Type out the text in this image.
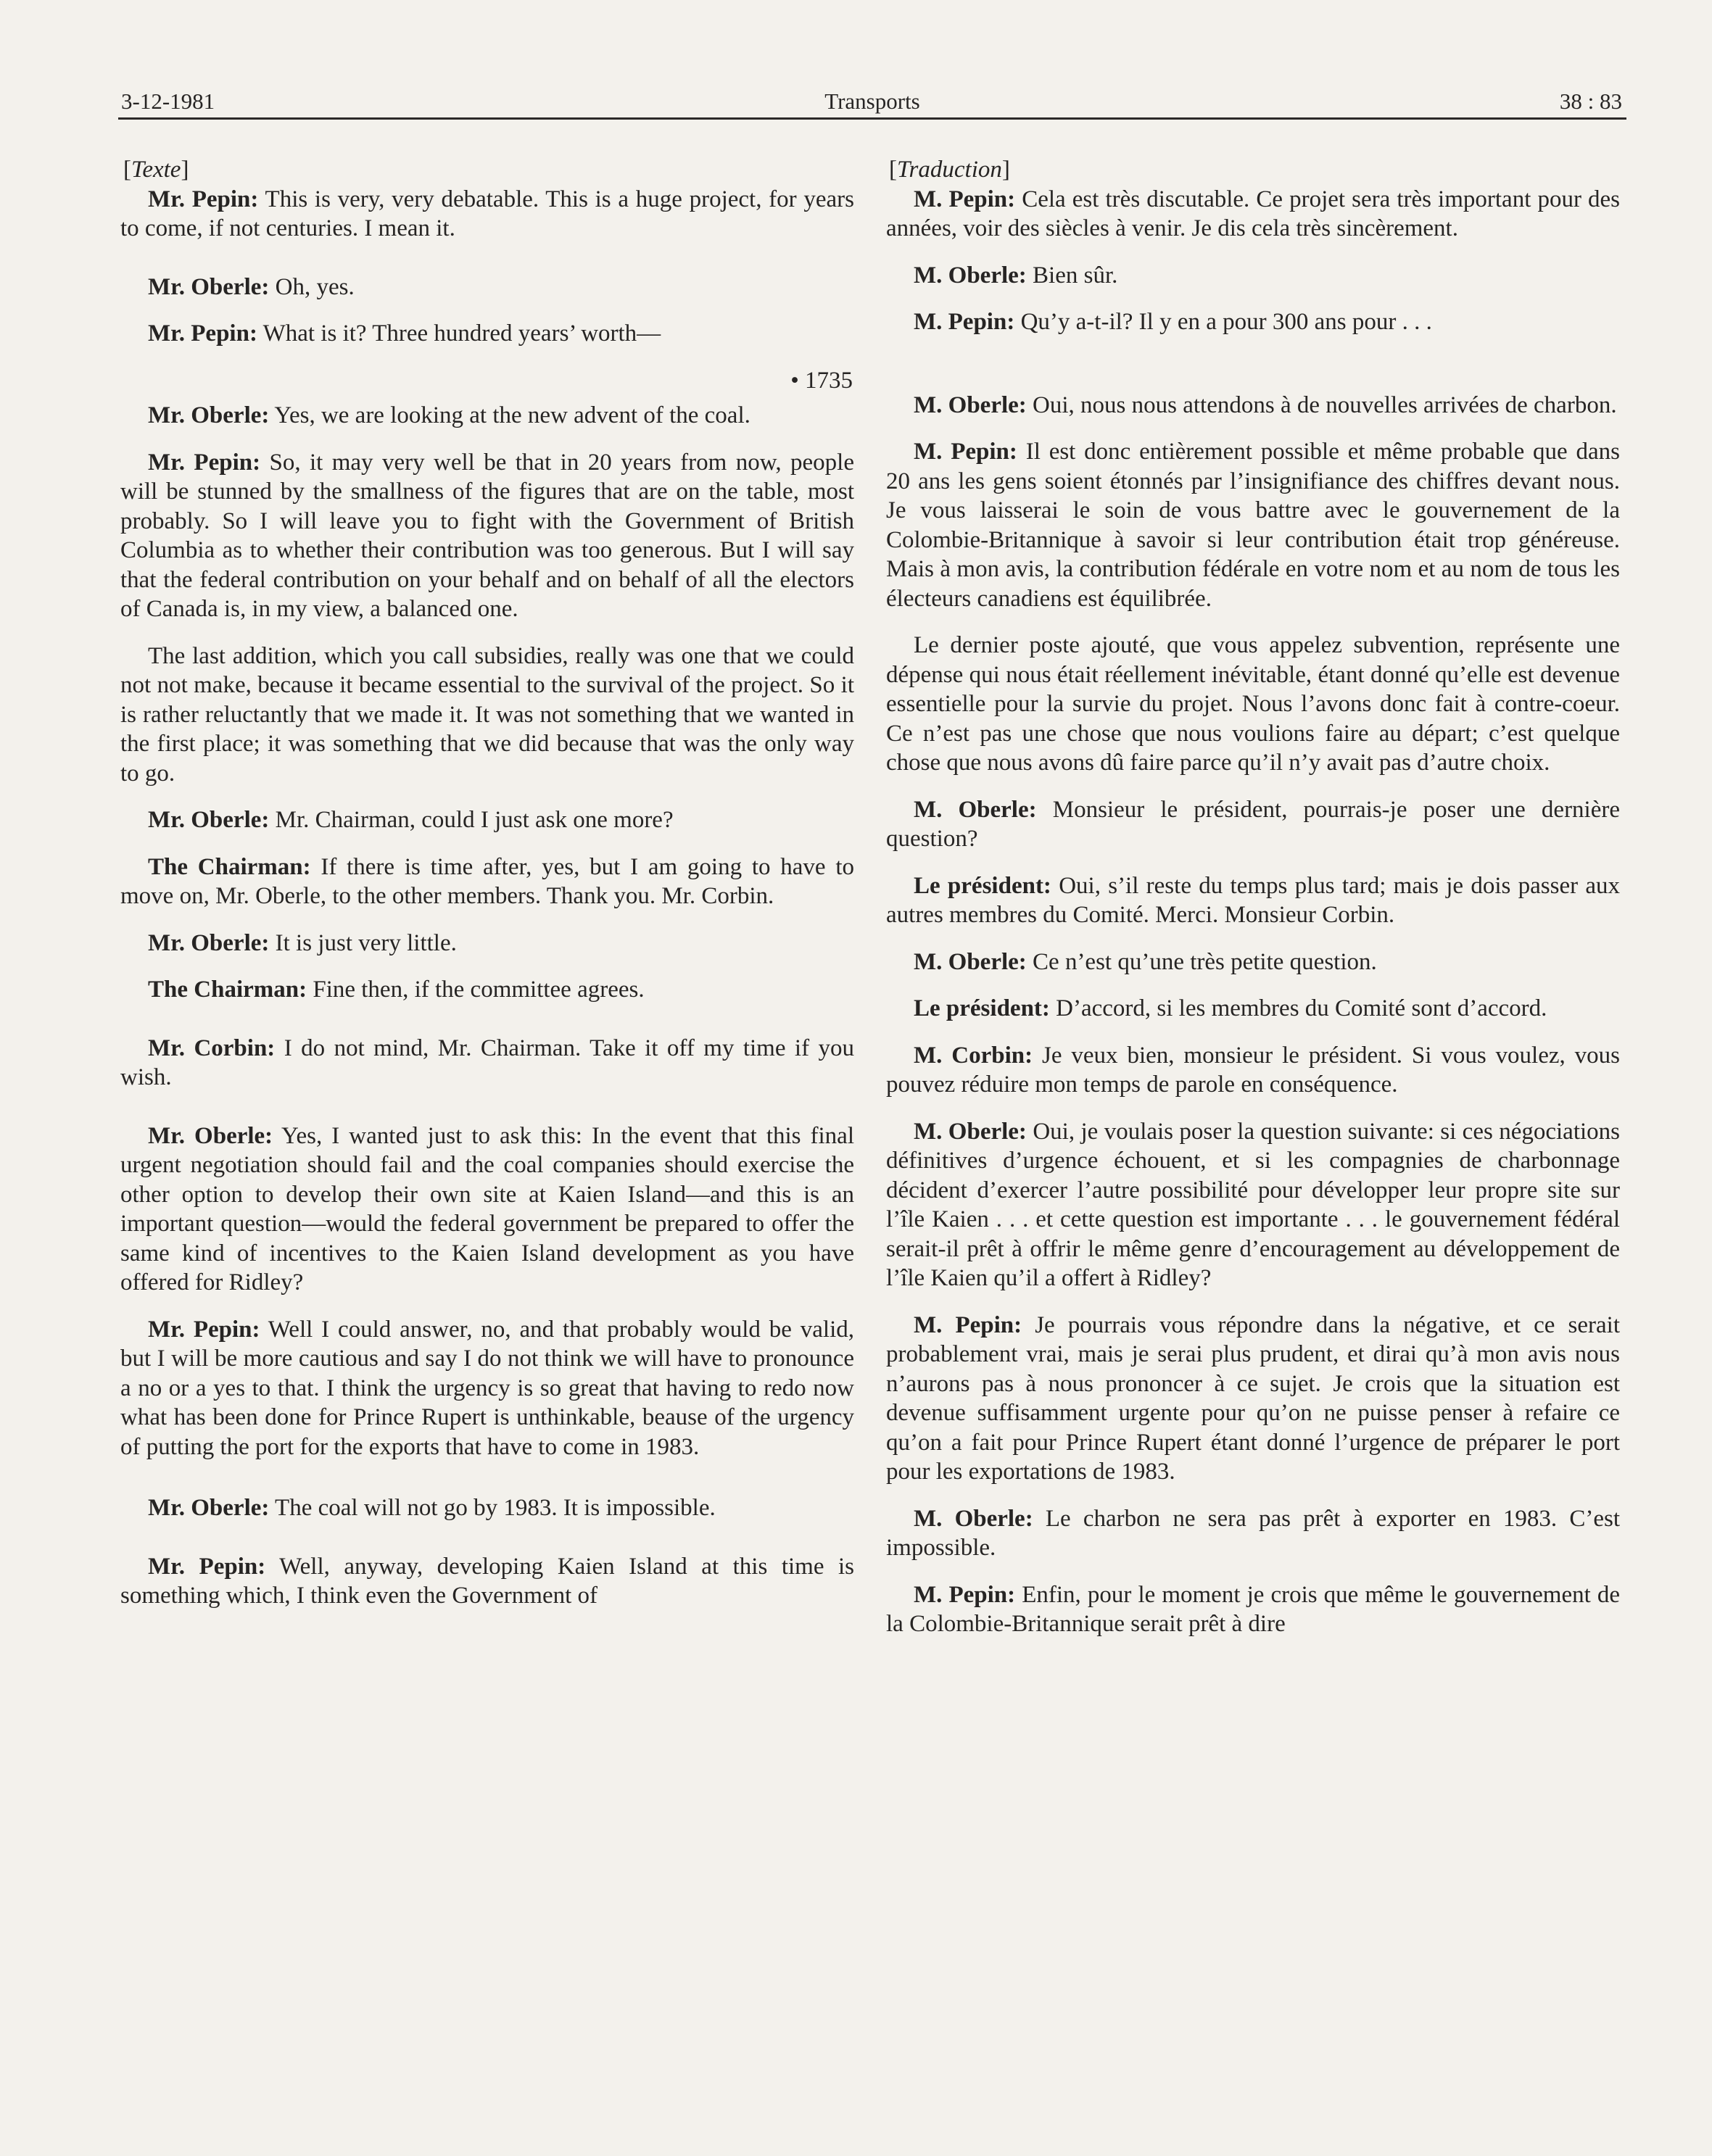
3-12-1981	Transports	38 : 83
[Texte]

Mr. Pepin: This is very, very debatable. This is a huge project, for years to come, if not centuries. I mean it.

Mr. Oberle: Oh, yes.

Mr. Pepin: What is it? Three hundred years’ worth—

• 1735

Mr. Oberle: Yes, we are looking at the new advent of the coal.

Mr. Pepin: So, it may very well be that in 20 years from now, people will be stunned by the smallness of the figures that are on the table, most probably. So I will leave you to fight with the Government of British Columbia as to whether their contribution was too generous. But I will say that the federal contribution on your behalf and on behalf of all the electors of Canada is, in my view, a balanced one.

The last addition, which you call subsidies, really was one that we could not not make, because it became essential to the survival of the project. So it is rather reluctantly that we made it. It was not something that we wanted in the first place; it was something that we did because that was the only way to go.

Mr. Oberle: Mr. Chairman, could I just ask one more?

The Chairman: If there is time after, yes, but I am going to have to move on, Mr. Oberle, to the other members. Thank you. Mr. Corbin.

Mr. Oberle: It is just very little.

The Chairman: Fine then, if the committee agrees.

Mr. Corbin: I do not mind, Mr. Chairman. Take it off my time if you wish.

Mr. Oberle: Yes, I wanted just to ask this: In the event that this final urgent negotiation should fail and the coal companies should exercise the other option to develop their own site at Kaien Island—and this is an important question—would the federal government be prepared to offer the same kind of incentives to the Kaien Island development as you have offered for Ridley?

Mr. Pepin: Well I could answer, no, and that probably would be valid, but I will be more cautious and say I do not think we will have to pronounce a no or a yes to that. I think the urgency is so great that having to redo now what has been done for Prince Rupert is unthinkable, beause of the urgency of putting the port for the exports that have to come in 1983.

Mr. Oberle: The coal will not go by 1983. It is impossible.

Mr. Pepin: Well, anyway, developing Kaien Island at this time is something which, I think even the Government of

[Traduction]

M. Pepin: Cela est très discutable. Ce projet sera très important pour des années, voir des siècles à venir. Je dis cela très sincèrement.

M. Oberle: Bien sûr.

M. Pepin: Qu’y a-t-il? Il y en a pour 300 ans pour . . .

M. Oberle: Oui, nous nous attendons à de nouvelles arrivées de charbon.

M. Pepin: Il est donc entièrement possible et même probable que dans 20 ans les gens soient étonnés par l’insignifiance des chiffres devant nous. Je vous laisserai le soin de vous battre avec le gouvernement de la Colombie-Britannique à savoir si leur contribution était trop généreuse. Mais à mon avis, la contribution fédérale en votre nom et au nom de tous les électeurs canadiens est équilibrée.

Le dernier poste ajouté, que vous appelez subvention, représente une dépense qui nous était réellement inévitable, étant donné qu’elle est devenue essentielle pour la survie du projet. Nous l’avons donc fait à contre-coeur. Ce n’est pas une chose que nous voulions faire au départ; c’est quelque chose que nous avons dû faire parce qu’il n’y avait pas d’autre choix.

M. Oberle: Monsieur le président, pourrais-je poser une dernière question?

Le président: Oui, s’il reste du temps plus tard; mais je dois passer aux autres membres du Comité. Merci. Monsieur Corbin.

M. Oberle: Ce n’est qu’une très petite question.

Le président: D’accord, si les membres du Comité sont d’accord.

M. Corbin: Je veux bien, monsieur le président. Si vous voulez, vous pouvez réduire mon temps de parole en conséquence.

M. Oberle: Oui, je voulais poser la question suivante: si ces négociations définitives d’urgence échouent, et si les compagnies de charbonnage décident d’exercer l’autre possibilité pour développer leur propre site sur l’île Kaien . . . et cette question est importante . . . le gouvernement fédéral serait-il prêt à offrir le même genre d’encouragement au développement de l’île Kaien qu’il a offert à Ridley?

M. Pepin: Je pourrais vous répondre dans la négative, et ce serait probablement vrai, mais je serai plus prudent, et dirai qu’à mon avis nous n’aurons pas à nous prononcer à ce sujet. Je crois que la situation est devenue suffisamment urgente pour qu’on ne puisse penser à refaire ce qu’on a fait pour Prince Rupert étant donné l’urgence de préparer le port pour les exportations de 1983.

M. Oberle: Le charbon ne sera pas prêt à exporter en 1983. C’est impossible.

M. Pepin: Enfin, pour le moment je crois que même le gouvernement de la Colombie-Britannique serait prêt à dire
